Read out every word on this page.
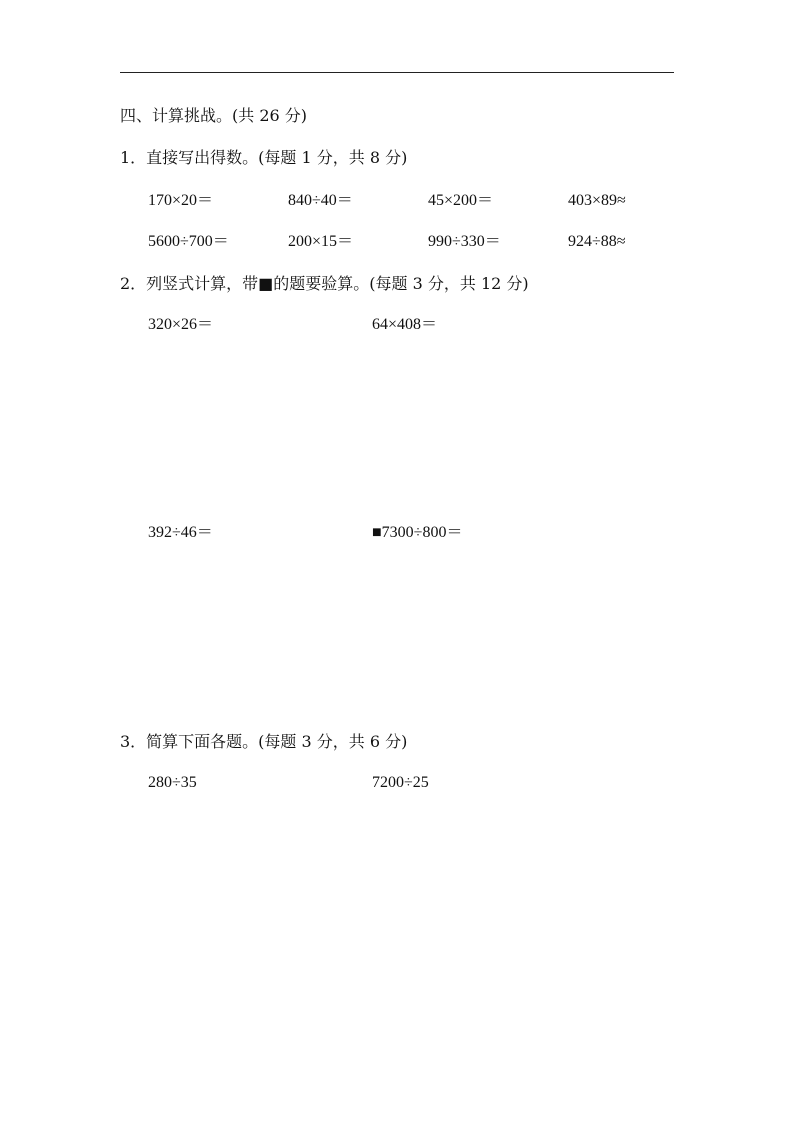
四、计算挑战。(共 26 分)
1．直接写出得数。(每题 1 分，共 8 分)
170×20＝	840÷40＝	45×200＝	403×89≈
5600÷700＝	200×15＝	990÷330＝	924÷88≈
2．列竖式计算，带■的题要验算。(每题 3 分，共 12 分)
320×26＝	64×408＝
392÷46＝	■7300÷800＝
3．简算下面各题。(每题 3 分，共 6 分)
280÷35	7200÷25
